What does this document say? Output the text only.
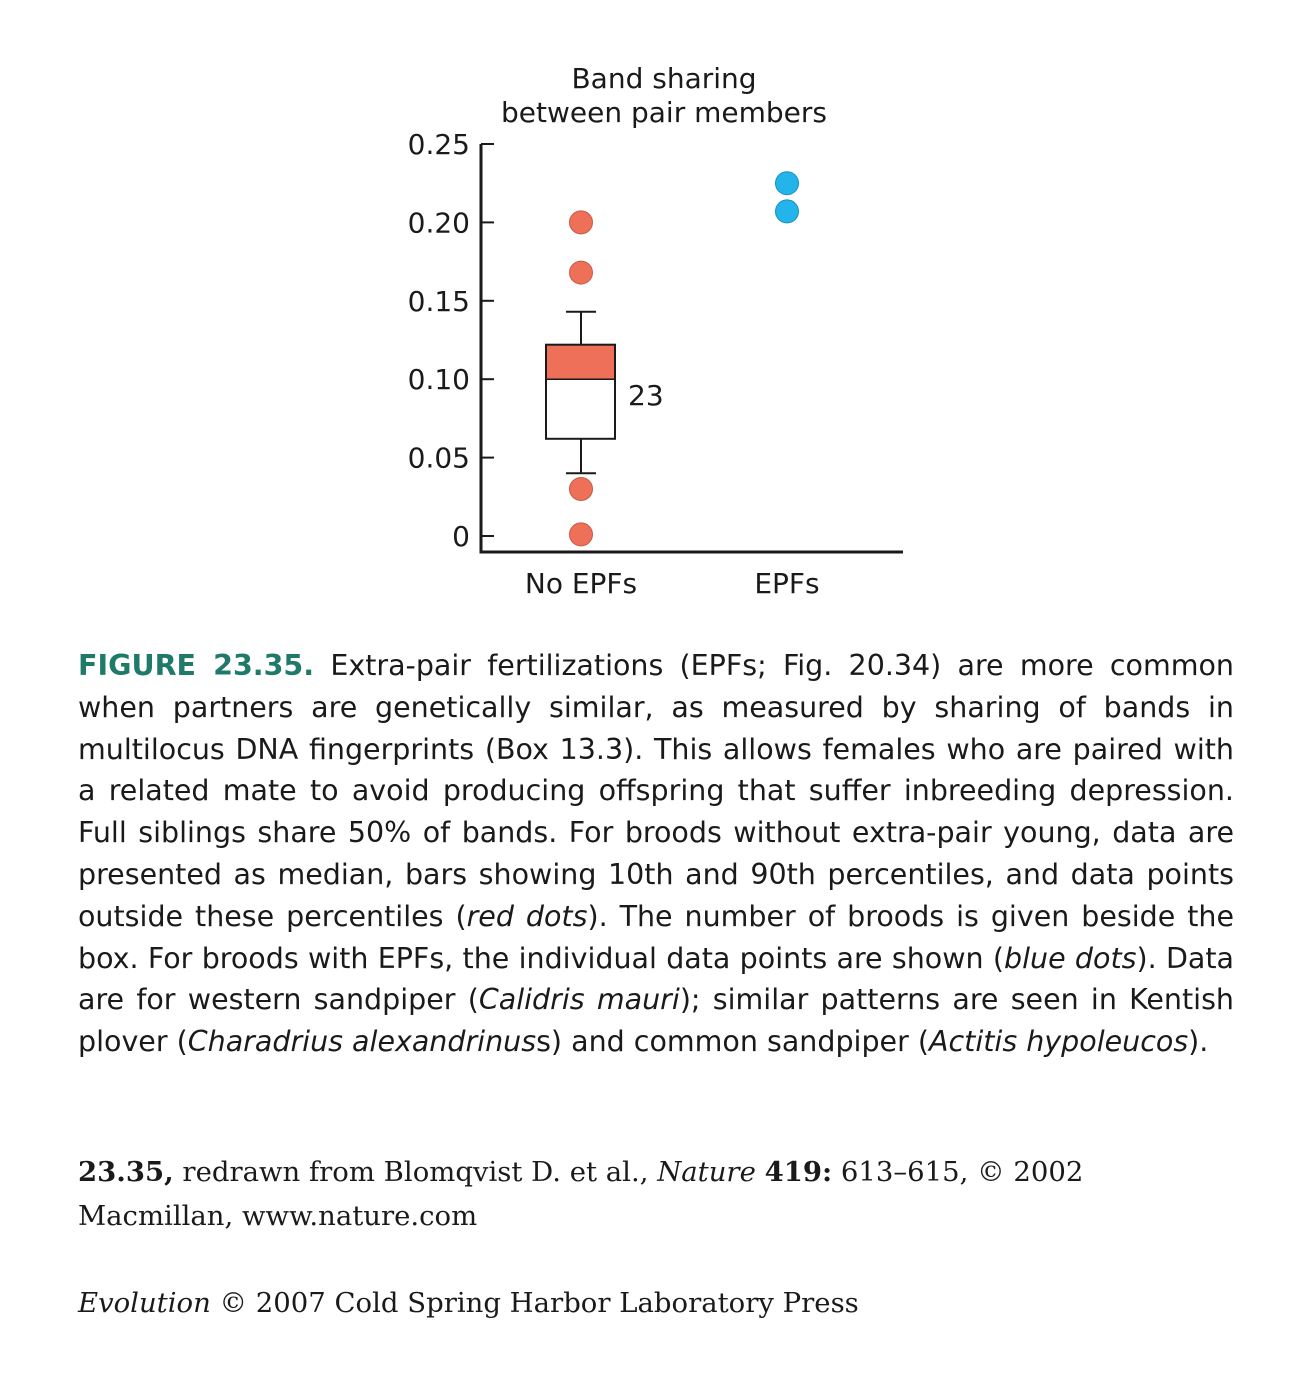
Band sharing
between pair members
0
0.05
0.10
0.15
0.20
0.25
No EPFs	EPFs
23

FIGURE 23.35. Extra-pair fertilizations (EPFs; Fig. 20.34) are more common when partners are genetically similar, as measured by sharing of bands in multilocus DNA fingerprints (Box 13.3). This allows females who are paired with a related mate to avoid producing offspring that suffer inbreeding depression. Full siblings share 50% of bands. For broods without extra-pair young, data are presented as median, bars showing 10th and 90th percentiles, and data points outside these percentiles (red dots). The number of broods is given beside the box. For broods with EPFs, the individual data points are shown (blue dots). Data are for western sandpiper (Calidris mauri); similar patterns are seen in Kentish plover (Charadrius alexandrinuss) and common sandpiper (Actitis hypoleucos).

23.35, redrawn from Blomqvist D. et al., Nature 419: 613–615, © 2002 Macmillan, www.nature.com

Evolution © 2007 Cold Spring Harbor Laboratory Press
